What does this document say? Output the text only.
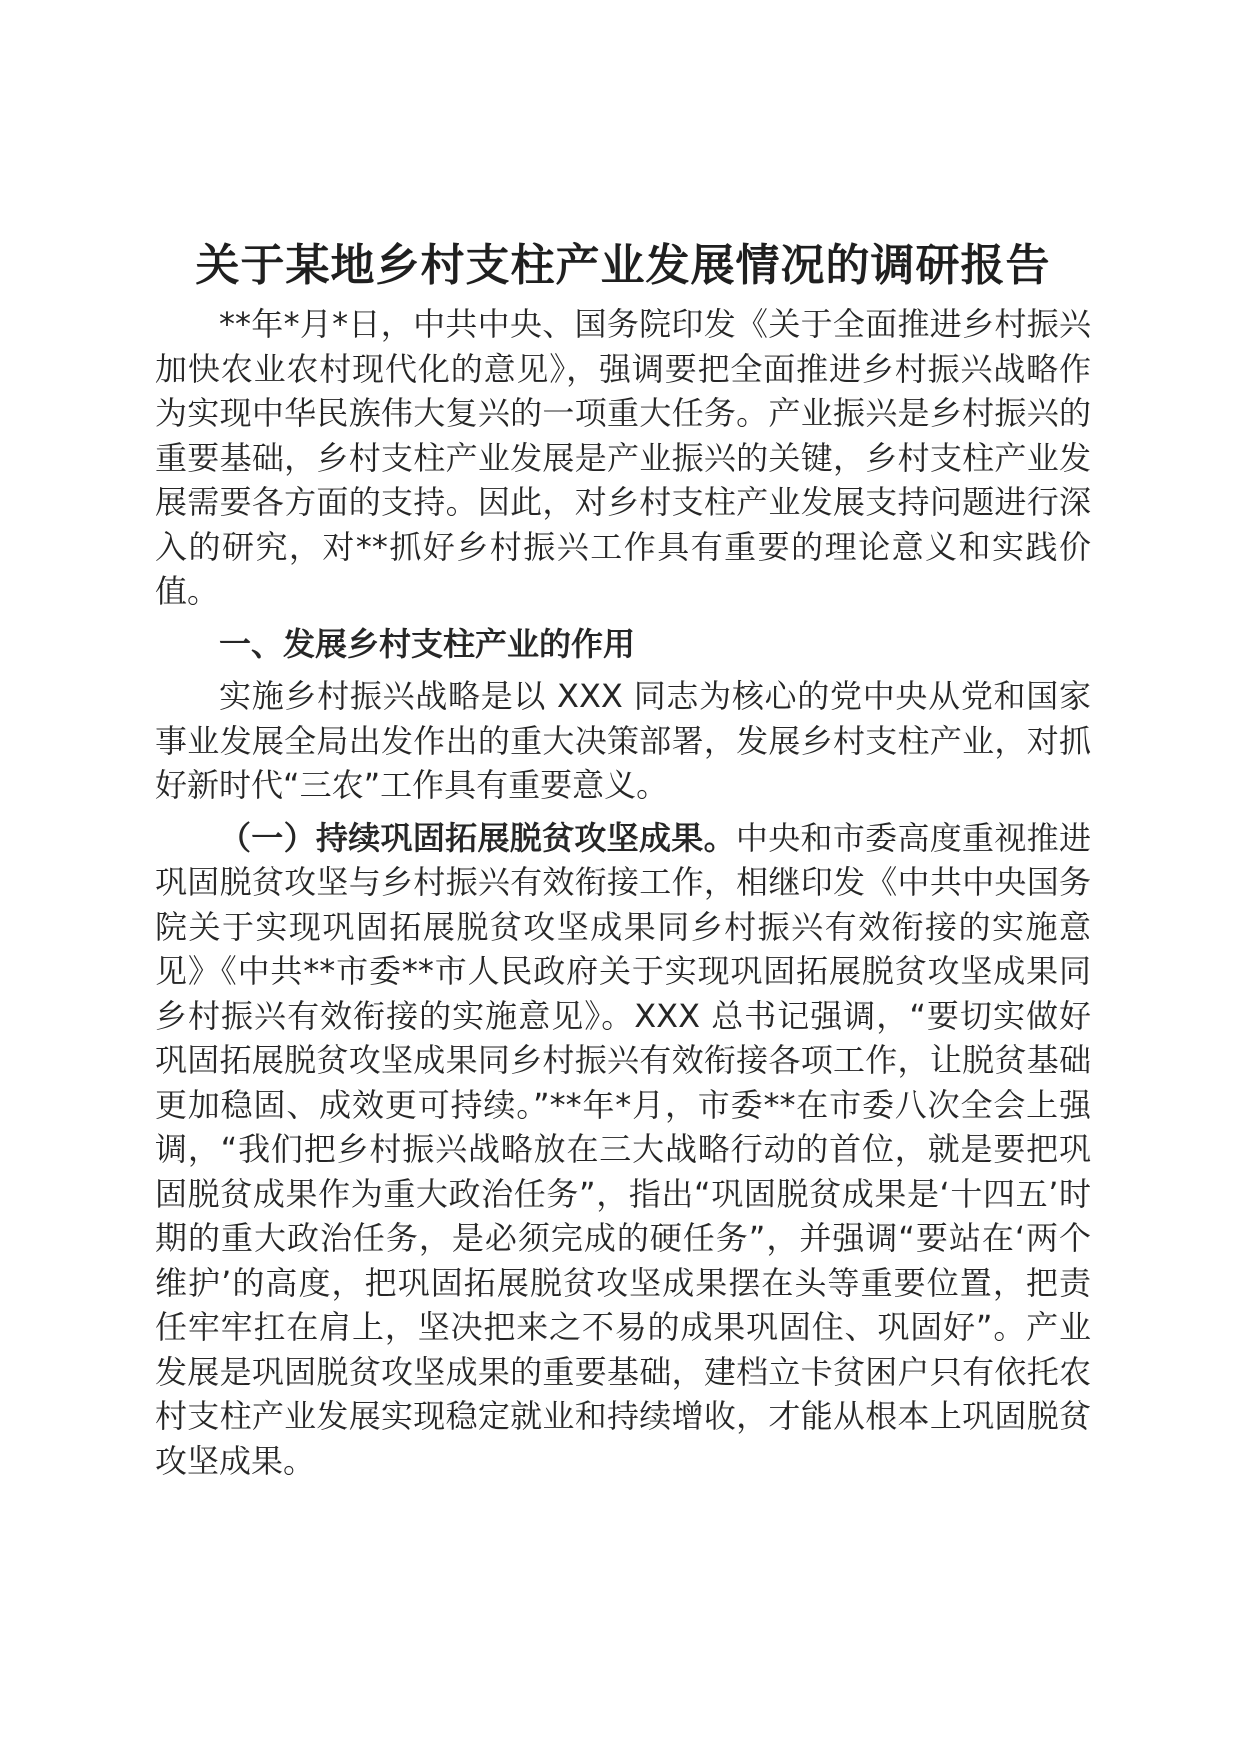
关于某地乡村支柱产业发展情况的调研报告

**年*月*日，中共中央、国务院印发《关于全面推进乡村振兴加快农业农村现代化的意见》，强调要把全面推进乡村振兴战略作为实现中华民族伟大复兴的一项重大任务。产业振兴是乡村振兴的重要基础，乡村支柱产业发展是产业振兴的关键，乡村支柱产业发展需要各方面的支持。因此，对乡村支柱产业发展支持问题进行深入的研究，对**抓好乡村振兴工作具有重要的理论意义和实践价值。

一、发展乡村支柱产业的作用

实施乡村振兴战略是以 XXX 同志为核心的党中央从党和国家事业发展全局出发作出的重大决策部署，发展乡村支柱产业，对抓好新时代“三农”工作具有重要意义。

（一）持续巩固拓展脱贫攻坚成果。中央和市委高度重视推进巩固脱贫攻坚与乡村振兴有效衔接工作，相继印发《中共中央国务院关于实现巩固拓展脱贫攻坚成果同乡村振兴有效衔接的实施意见》《中共**市委**市人民政府关于实现巩固拓展脱贫攻坚成果同乡村振兴有效衔接的实施意见》。XXX 总书记强调，“要切实做好巩固拓展脱贫攻坚成果同乡村振兴有效衔接各项工作，让脱贫基础更加稳固、成效更可持续。”**年*月，市委**在市委八次全会上强调，“我们把乡村振兴战略放在三大战略行动的首位，就是要把巩固脱贫成果作为重大政治任务”，指出“巩固脱贫成果是‘十四五’时期的重大政治任务，是必须完成的硬任务”，并强调“要站在‘两个维护’的高度，把巩固拓展脱贫攻坚成果摆在头等重要位置，把责任牢牢扛在肩上，坚决把来之不易的成果巩固住、巩固好”。产业发展是巩固脱贫攻坚成果的重要基础，建档立卡贫困户只有依托农村支柱产业发展实现稳定就业和持续增收，才能从根本上巩固脱贫攻坚成果。
